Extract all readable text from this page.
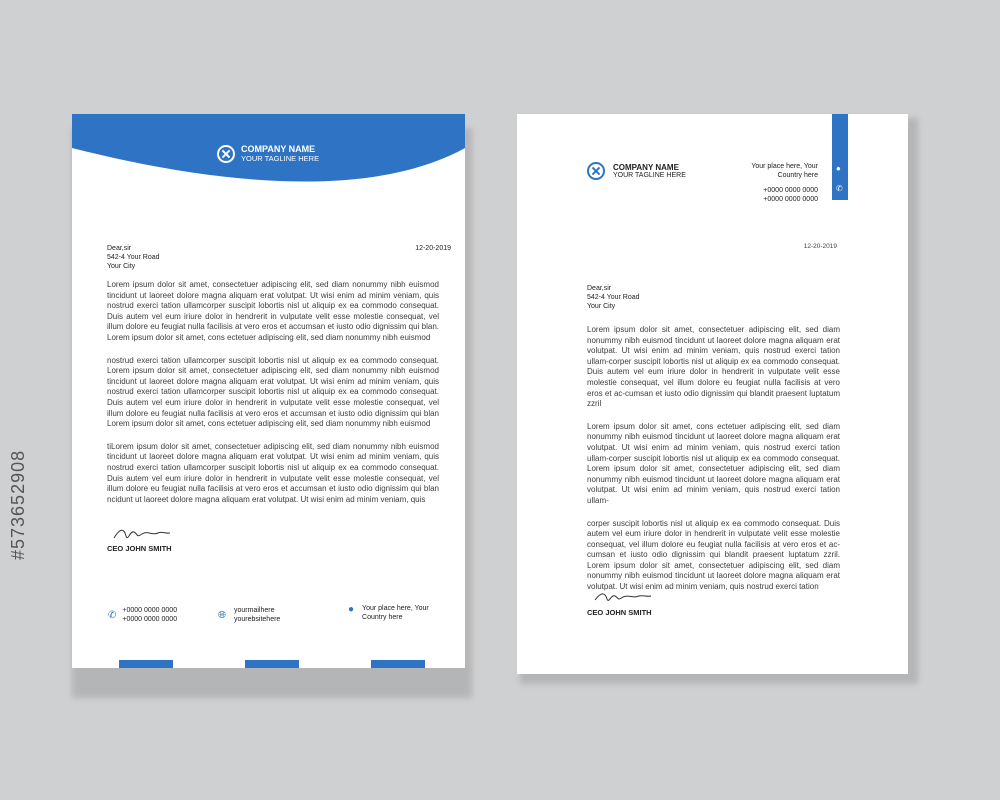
#573652908
COMPANY NAME
YOUR TAGLINE HERE
Dear,sir
542-4 Your Road
Your City
12-20-2019

Lorem ipsum dolor sit amet, consectetuer adipiscing elit, sed diam nonummy nibh euismod tincidunt ut laoreet dolore magna aliquam erat volutpat. Ut wisi enim ad minim veniam, quis nostrud exerci tation ullamcorper suscipit lobortis nisl ut aliquip ex ea commodo consequat. Duis autem vel eum iriure dolor in hendrerit in vulputate velit esse molestie consequat, vel illum dolore eu feugiat nulla facilisis at vero eros et accumsan et iusto odio dignissim qui blan. Lorem ipsum dolor sit amet, cons ectetuer adipiscing elit, sed diam nonummy nibh euismod

nostrud exerci tation ullamcorper suscipit lobortis nisl ut aliquip ex ea commodo consequat. Lorem ipsum dolor sit amet, consectetuer adipiscing elit, sed diam nonummy nibh euismod tincidunt ut laoreet dolore magna aliquam erat volutpat. Ut wisi enim ad minim veniam, quis nostrud exerci tation ullamcorper suscipit lobortis nisl ut aliquip ex ea commodo consequat. Duis autem vel eum iriure dolor in hendrerit in vulputate velit esse molestie consequat, vel illum dolore eu feugiat nulla facilisis at vero eros et accumsan et iusto odio dignissim qui blan Lorem ipsum dolor sit amet, cons ectetuer adipiscing elit, sed diam nonummy nibh euismod

tiLorem ipsum dolor sit amet, consectetuer adipiscing elit, sed diam nonummy nibh euismod tincidunt ut laoreet dolore magna aliquam erat volutpat. Ut wisi enim ad minim veniam, quis nostrud exerci tation ullamcorper suscipit lobortis nisl ut aliquip ex ea commodo consequat. Duis autem vel eum iriure dolor in hendrerit in vulputate velit esse molestie consequat, vel illum dolore eu feugiat nulla facilisis at vero eros et accumsan et iusto odio dignissim qui blan ncidunt ut laoreet dolore magna aliquam erat volutpat. Ut wisi enim ad minim veniam, quis

CEO JOHN SMITH
✆ +0000 0000 0000
+0000 0000 0000	🌐︎ yourmailhere
yourebsitehere
● Your place here, Your
Country here
COMPANY NAME
YOUR TAGLINE HERE
Your place here, Your
Country here
+0000 0000 0000
+0000 0000 0000
●
✆
12-20-2019
Dear,sir
542-4 Your Road
Your City

Lorem ipsum dolor sit amet, consectetuer adipiscing elit, sed diam nonummy nibh euismod tincidunt ut laoreet dolore magna aliquam erat volutpat. Ut wisi enim ad minim veniam, quis nostrud exerci tation ullam-corper suscipit lobortis nisl ut aliquip ex ea commodo consequat. Duis autem vel eum iriure dolor in hendrerit in vulputate velit esse molestie consequat, vel illum dolore eu feugiat nulla facilisis at vero eros et ac-cumsan et iusto odio dignissim qui blandit praesent luptatum zzril

Lorem ipsum dolor sit amet, cons ectetuer adipiscing elit, sed diam nonummy nibh euismod tincidunt ut laoreet dolore magna aliquam erat volutpat. Ut wisi enim ad minim veniam, quis nostrud exerci tation ullam-corper suscipit lobortis nisl ut aliquip ex ea commodo consequat. Lorem ipsum dolor sit amet, consectetuer adipiscing elit, sed diam nonummy nibh euismod tincidunt ut laoreet dolore magna aliquam erat volutpat. Ut wisi enim ad minim veniam, quis nostrud exerci tation ullam-

corper suscipit lobortis nisl ut aliquip ex ea commodo consequat. Duis autem vel eum iriure dolor in hendrerit in vulputate velit esse molestie consequat, vel illum dolore eu feugiat nulla facilisis at vero eros et ac-cumsan et iusto odio dignissim qui blandit praesent luptatum zzril. Lorem ipsum dolor sit amet, consectetuer adipiscing elit, sed diam nonummy nibh euismod tincidunt ut laoreet dolore magna aliquam erat volutpat. Ut wisi enim ad minim veniam, quis nostrud exerci tation

CEO JOHN SMITH
